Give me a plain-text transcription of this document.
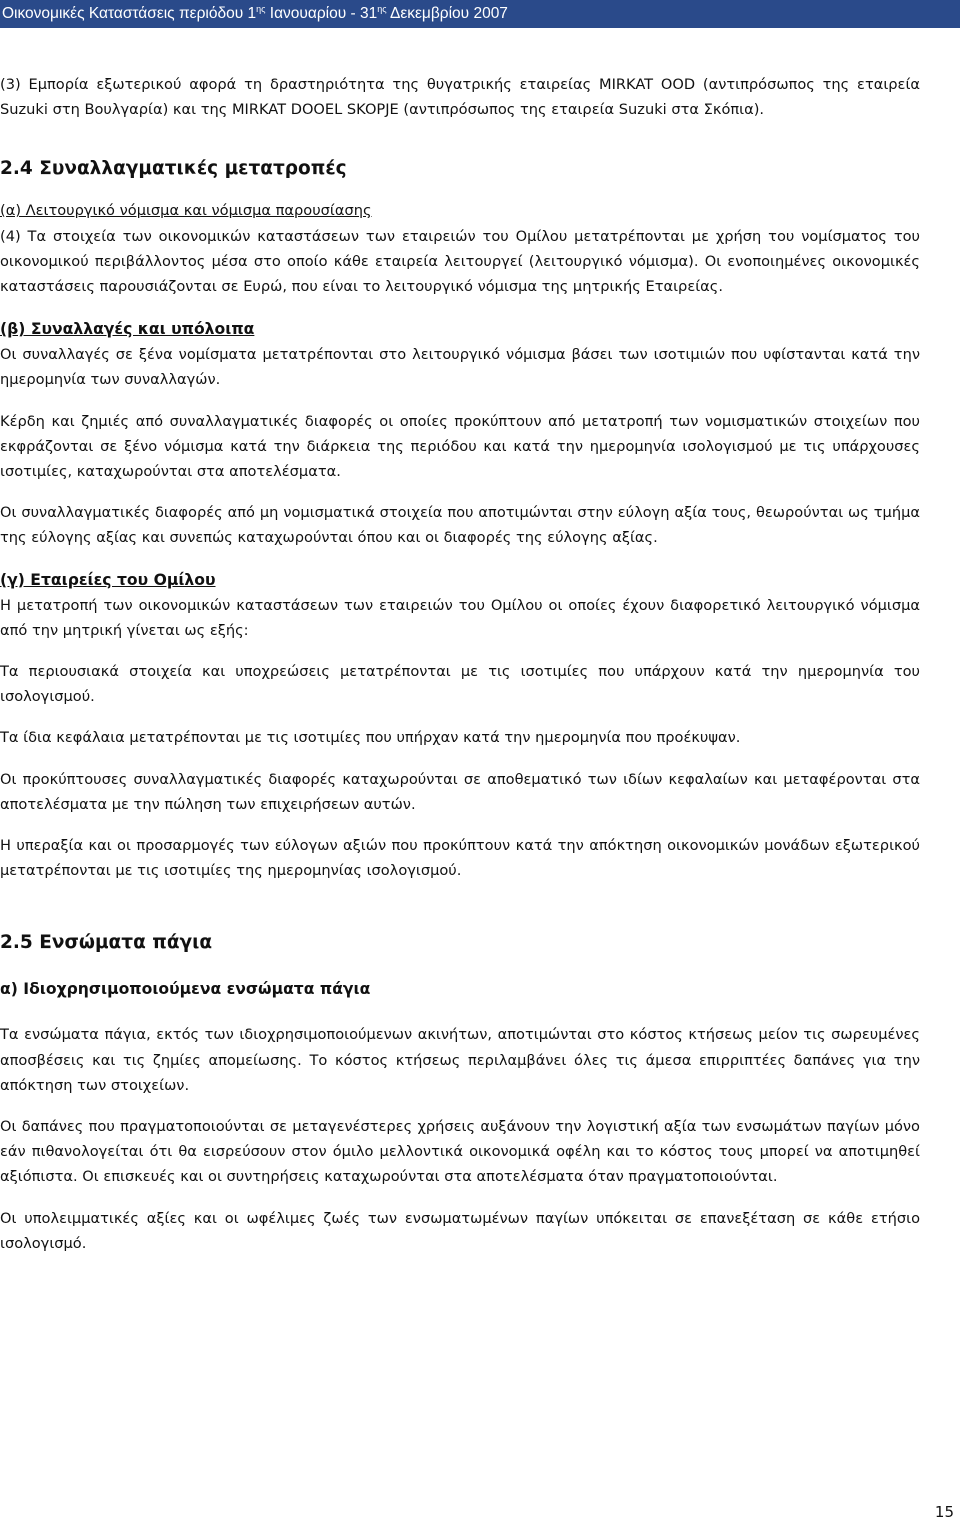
Οικονομικές Καταστάσεις περιόδου $1^{\eta\varsigma}$ Ιανουαρίου - $31^{\eta\varsigma}$ Δεκεμβρίου 2007

(3) Εμπορία εξωτερικού αφορά τη δραστηριότητα της θυγατρικής εταιρείας MIRKAT OOD (αντιπρόσωπος της εταιρεία Suzuki στη Βουλγαρία) και της MIRKAT DOOEL SKOPJE (αντιπρόσωπος της εταιρεία Suzuki στα Σκόπια).

2.4 Συναλλαγματικές μετατροπές
(α) Λειτουργικό νόμισμα και νόμισμα παρουσίασης

(4) Τα στοιχεία των οικονομικών καταστάσεων των εταιρειών του Ομίλου μετατρέπονται με χρήση του νομίσματος του οικονομικού περιβάλλοντος μέσα στο οποίο κάθε εταιρεία λειτουργεί (λειτουργικό νόμισμα). Οι ενοποιημένες οικονομικές καταστάσεις παρουσιάζονται σε Ευρώ, που είναι το λειτουργικό νόμισμα της μητρικής Εταιρείας.

(β) Συναλλαγές και υπόλοιπα

Οι συναλλαγές σε ξένα νομίσματα μετατρέπονται στο λειτουργικό νόμισμα βάσει των ισοτιμιών που υφίστανται κατά την ημερομηνία των συναλλαγών.

Κέρδη και ζημιές από συναλλαγματικές διαφορές οι οποίες προκύπτουν από μετατροπή των νομισματικών στοιχείων που εκφράζονται σε ξένο νόμισμα κατά την διάρκεια της περιόδου και κατά την ημερομηνία ισολογισμού με τις υπάρχουσες ισοτιμίες, καταχωρούνται στα αποτελέσματα.

Οι συναλλαγματικές διαφορές από μη νομισματικά στοιχεία που αποτιμώνται στην εύλογη αξία τους, θεωρούνται ως τμήμα της εύλογης αξίας και συνεπώς καταχωρούνται όπου και οι διαφορές της εύλογης αξίας.

(γ) Εταιρείες του Ομίλου

Η μετατροπή των οικονομικών καταστάσεων των εταιρειών του Ομίλου οι οποίες έχουν διαφορετικό λειτουργικό νόμισμα από την μητρική γίνεται ως εξής:

Τα περιουσιακά στοιχεία και υποχρεώσεις μετατρέπονται με τις ισοτιμίες που υπάρχουν κατά την ημερομηνία του ισολογισμού.

Τα ίδια κεφάλαια μετατρέπονται με τις ισοτιμίες που υπήρχαν κατά την ημερομηνία που προέκυψαν.

Οι προκύπτουσες συναλλαγματικές διαφορές καταχωρούνται σε αποθεματικό των ιδίων κεφαλαίων και μεταφέρονται στα αποτελέσματα με την πώληση των επιχειρήσεων αυτών.

Η υπεραξία και οι προσαρμογές των εύλογων αξιών που προκύπτουν κατά την απόκτηση οικονομικών μονάδων εξωτερικού μετατρέπονται με τις ισοτιμίες της ημερομηνίας ισολογισμού.

2.5 Ενσώματα πάγια
α) Ιδιοχρησιμοποιούμενα ενσώματα πάγια

Τα ενσώματα πάγια, εκτός των ιδιοχρησιμοποιούμενων ακινήτων, αποτιμώνται στο κόστος κτήσεως μείον τις σωρευμένες αποσβέσεις και τις ζημίες απομείωσης. Το κόστος κτήσεως περιλαμβάνει όλες τις άμεσα επιρριπτέες δαπάνες για την απόκτηση των στοιχείων.

Οι δαπάνες που πραγματοποιούνται σε μεταγενέστερες χρήσεις αυξάνουν την λογιστική αξία των ενσωμάτων παγίων μόνο εάν πιθανολογείται ότι θα εισρεύσουν στον όμιλο μελλοντικά οικονομικά οφέλη και το κόστος τους μπορεί να αποτιμηθεί αξιόπιστα. Οι επισκευές και οι συντηρήσεις καταχωρούνται στα αποτελέσματα όταν πραγματοποιούνται.

Οι υπολειμματικές αξίες και οι ωφέλιμες ζωές των ενσωματωμένων παγίων υπόκειται σε επανεξέταση σε κάθε ετήσιο ισολογισμό.

15
